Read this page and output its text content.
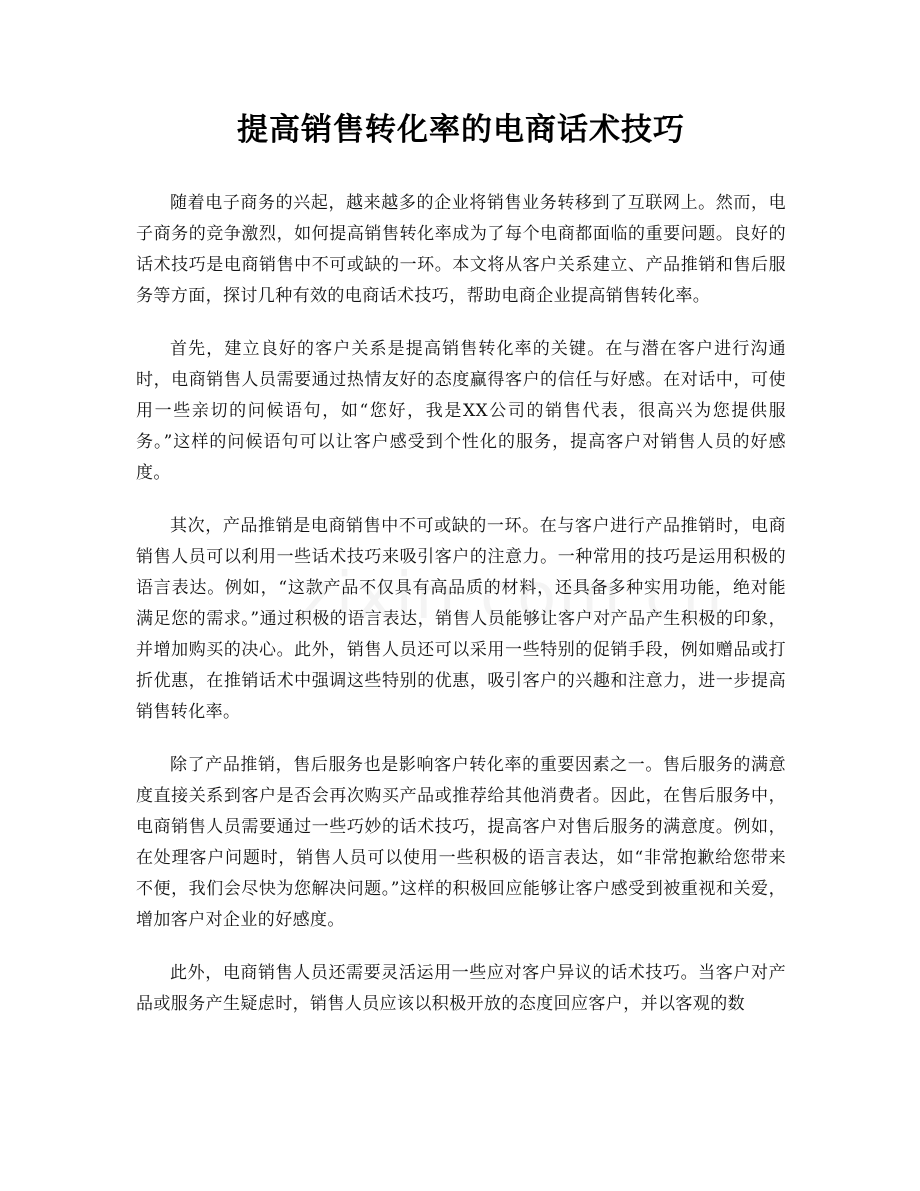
提高销售转化率的电商话术技巧

随着电子商务的兴起，越来越多的企业将销售业务转移到了互联网上。然而，电子商务的竞争激烈，如何提高销售转化率成为了每个电商都面临的重要问题。良好的话术技巧是电商销售中不可或缺的一环。本文将从客户关系建立、产品推销和售后服务等方面，探讨几种有效的电商话术技巧，帮助电商企业提高销售转化率。

首先，建立良好的客户关系是提高销售转化率的关键。在与潜在客户进行沟通时，电商销售人员需要通过热情友好的态度赢得客户的信任与好感。在对话中，可使用一些亲切的问候语句，如“您好，我是XX公司的销售代表，很高兴为您提供服务。”这样的问候语句可以让客户感受到个性化的服务，提高客户对销售人员的好感度。

其次，产品推销是电商销售中不可或缺的一环。在与客户进行产品推销时，电商销售人员可以利用一些话术技巧来吸引客户的注意力。一种常用的技巧是运用积极的语言表达。例如，“这款产品不仅具有高品质的材料，还具备多种实用功能，绝对能满足您的需求。”通过积极的语言表达，销售人员能够让客户对产品产生积极的印象，并增加购买的决心。此外，销售人员还可以采用一些特别的促销手段，例如赠品或打折优惠，在推销话术中强调这些特别的优惠，吸引客户的兴趣和注意力，进一步提高销售转化率。

除了产品推销，售后服务也是影响客户转化率的重要因素之一。售后服务的满意度直接关系到客户是否会再次购买产品或推荐给其他消费者。因此，在售后服务中，电商销售人员需要通过一些巧妙的话术技巧，提高客户对售后服务的满意度。例如，在处理客户问题时，销售人员可以使用一些积极的语言表达，如“非常抱歉给您带来不便，我们会尽快为您解决问题。”这样的积极回应能够让客户感受到被重视和关爱，增加客户对企业的好感度。

此外，电商销售人员还需要灵活运用一些应对客户异议的话术技巧。当客户对产品或服务产生疑虑时，销售人员应该以积极开放的态度回应客户，并以客观的数
